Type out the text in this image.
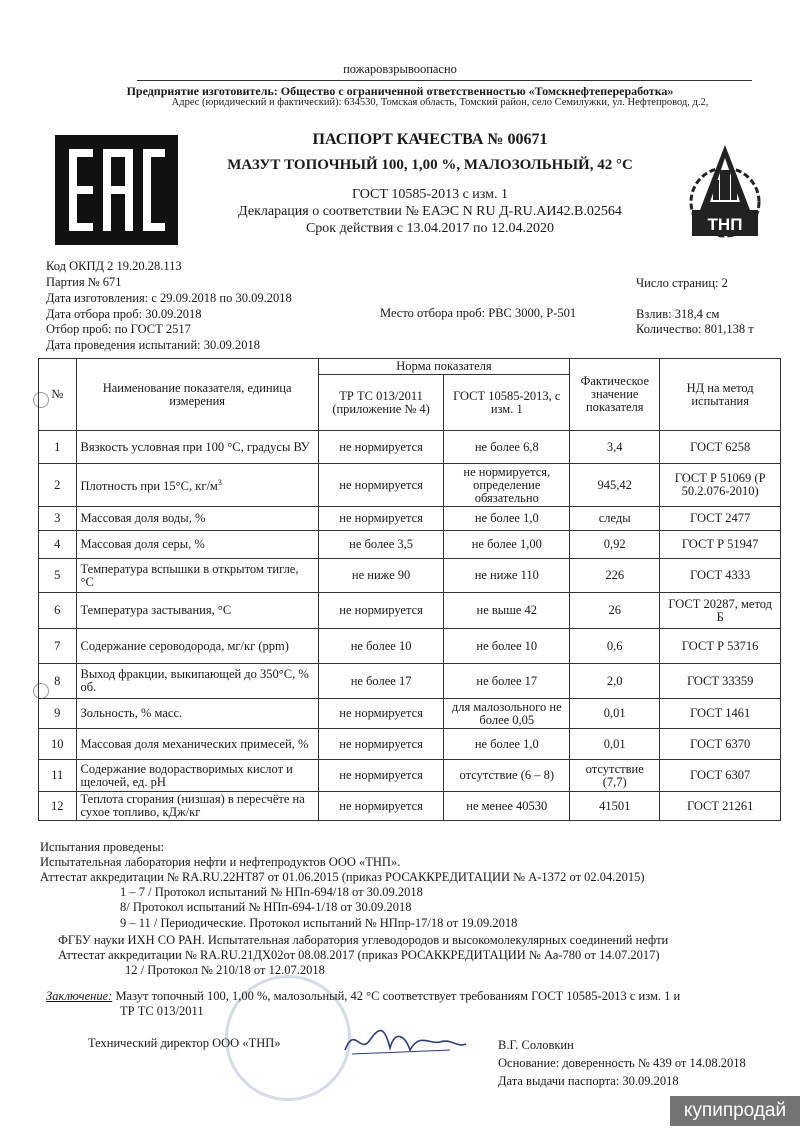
пожаровзрывоопасно
Предприятие изготовитель: Общество с ограниченной ответственностью «Томскнефтепереработка»
Адрес (юридический и фактический): 634530, Томская область, Томский район, село Семилужки, ул. Нефтепровод, д.2,
ПАСПОРТ КАЧЕСТВА № 00671
МАЗУТ ТОПОЧНЫЙ 100, 1,00 %, МАЛОЗОЛЬНЫЙ, 42 °С
ГОСТ 10585-2013 с изм. 1
Декларация о соответствии № ЕАЭС N RU Д-RU.АИ42.В.02564
Срок действия с 13.04.2017 по 12.04.2020	ТНП
Код ОКПД 2 19.20.28.113
Партия № 671
Дата изготовления: с 29.09.2018 по 30.09.2018
Дата отбора проб: 30.09.2018
Отбор проб: по ГОСТ 2517
Дата проведения испытаний: 30.09.2018
Число страниц: 2
Место отбора проб: РВС 3000, Р-501	Взлив: 318,4 см
Количество: 801,138 т
№	Наименование показателя, единица измерения	Норма показателя		Фактическое значение показателя	НД на метод испытания
		ТР ТС 013/2011 (приложение № 4)	ГОСТ 10585-2013, с изм. 1		
1	Вязкость условная при 100 °С, градусы ВУ	не нормируется	не более 6,8	3,4	ГОСТ 6258
2	Плотность при 15°С, $кг/м^3$	не нормируется	не нормируется, определение обязательно	945,42	ГОСТ Р 51069 (Р 50.2.076-2010)
3	Массовая доля воды, %	не нормируется	не более 1,0	следы	ГОСТ 2477
4	Массовая доля серы, %	не более 3,5	не более 1,00	0,92	ГОСТ Р 51947
5	Температура вспышки в открытом тигле, °С	не ниже 90	не ниже 110	226	ГОСТ 4333
6	Температура застывания, °С	не нормируется	не выше 42	26	ГОСТ 20287, метод Б
7	Содержание сероводорода, мг/кг (ppm)	не более 10	не более 10	0,6	ГОСТ Р 53716
8	Выход фракции, выкипающей до 350°С, % об.	не более 17	не более 17	2,0	ГОСТ 33359
9	Зольность, % масс.	не нормируется	для малозольного не более 0,05	0,01	ГОСТ 1461
10	Массовая доля механических примесей, %	не нормируется	не более 1,0	0,01	ГОСТ 6370
11	Содержание водорастворимых кислот и щелочей, ед. рН	не нормируется	отсутствие (6 – 8)	отсутствие (7,7)	ГОСТ 6307
12	Теплота сгорания (низшая) в пересчёте на сухое топливо, кДж/кг	не нормируется	не менее 40530	41501	ГОСТ 21261
Испытания проведены:
Испытательная лаборатория нефти и нефтепродуктов ООО «ТНП».
Аттестат аккредитации № RA.RU.22НТ87 от 01.06.2015 (приказ РОСАККРЕДИТАЦИИ № А-1372 от 02.04.2015)
1 – 7 / Протокол испытаний № НПп-694/18 от 30.09.2018
8/ Протокол испытаний № НПп-694-1/18 от 30.09.2018
9 – 11 / Периодические. Протокол испытаний № НПпр-17/18 от 19.09.2018
ФГБУ науки ИХН СО РАН. Испытательная лаборатория углеводородов и высокомолекулярных соединений нефти
Аттестат аккредитации № RA.RU.21ДХ02от 08.08.2017 (приказ РОСАККРЕДИТАЦИИ № Аа-780 от 14.07.2017)
12 / Протокол № 210/18 от 12.07.2018
Заключение: Мазут топочный 100, 1,00 %, малозольный, 42 °С соответствует требованиям ГОСТ 10585-2013 с изм. 1 и
ТР ТС 013/2011
Технический директор ООО «ТНП»	В.Г. Соловкин
Основание: доверенность № 439 от 14.08.2018
Дата выдачи паспорта: 30.09.2018
купипродай
